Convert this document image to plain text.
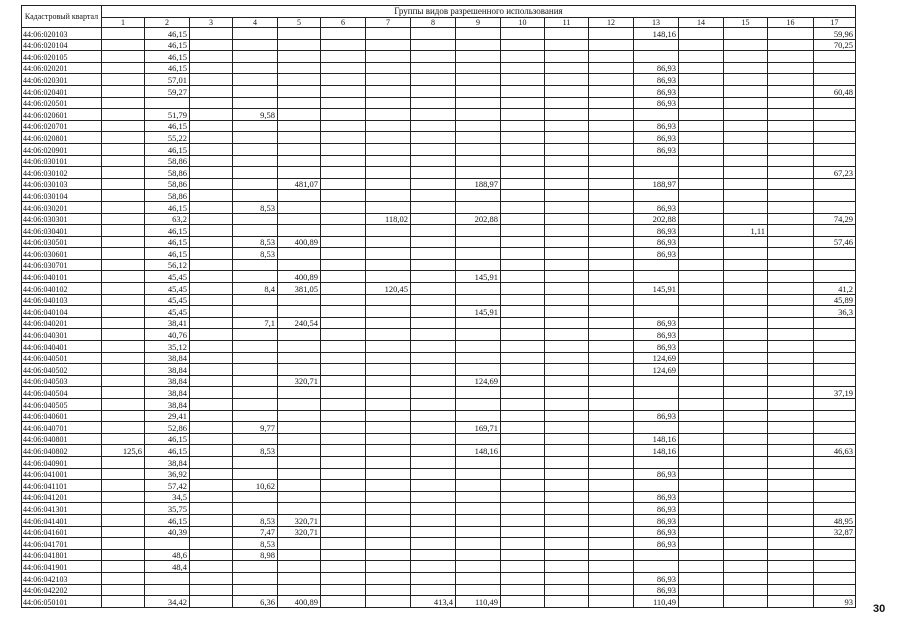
Кадастровый квартал	Группы видов разрешенного использования																
	1	2	3	4	5	6	7	8	9	10	11	12	13	14	15	16	17
44:06:020103		46,15											148,16				59,96
44:06:020104		46,15															70,25
44:06:020105		46,15															
44:06:020201		46,15											86,93				
44:06:020301		57,01											86,93				
44:06:020401		59,27											86,93				60,48
44:06:020501													86,93				
44:06:020601		51,79		9,58													
44:06:020701		46,15											86,93				
44:06:020801		55,22											86,93				
44:06:020901		46,15											86,93				
44:06:030101		58,86															
44:06:030102		58,86															67,23
44:06:030103		58,86			481,07				188,97				188,97				
44:06:030104		58,86															
44:06:030201		46,15		8,53									86,93				
44:06:030301		63,2					118,02		202,88				202,88				74,29
44:06:030401		46,15											86,93		1,11		
44:06:030501		46,15		8,53	400,89								86,93				57,46
44:06:030601		46,15		8,53									86,93				
44:06:030701		56,12															
44:06:040101		45,45			400,89				145,91								
44:06:040102		45,45		8,4	381,05		120,45						145,91				41,2
44:06:040103		45,45															45,89
44:06:040104		45,45							145,91								36,3
44:06:040201		38,41		7,1	240,54								86,93				
44:06:040301		40,76											86,93				
44:06:040401		35,12											86,93				
44:06:040501		38,84											124,69				
44:06:040502		38,84											124,69				
44:06:040503		38,84			320,71				124,69								
44:06:040504		38,84															37,19
44:06:040505		38,84															
44:06:040601		29,41											86,93				
44:06:040701		52,86		9,77					169,71								
44:06:040801		46,15											148,16				
44:06:040802	125,6	46,15		8,53					148,16				148,16				46,63
44:06:040901		38,84															
44:06:041001		36,92											86,93				
44:06:041101		57,42		10,62													
44:06:041201		34,5											86,93				
44:06:041301		35,75											86,93				
44:06:041401		46,15		8,53	320,71								86,93				48,95
44:06:041601		40,39		7,47	320,71								86,93				32,87
44:06:041701				8,53									86,93				
44:06:041801		48,6		8,98													
44:06:041901		48,4															
44:06:042103													86,93				
44:06:042202													86,93				
44:06:050101		34,42		6,36	400,89			413,4	110,49				110,49				93
30
